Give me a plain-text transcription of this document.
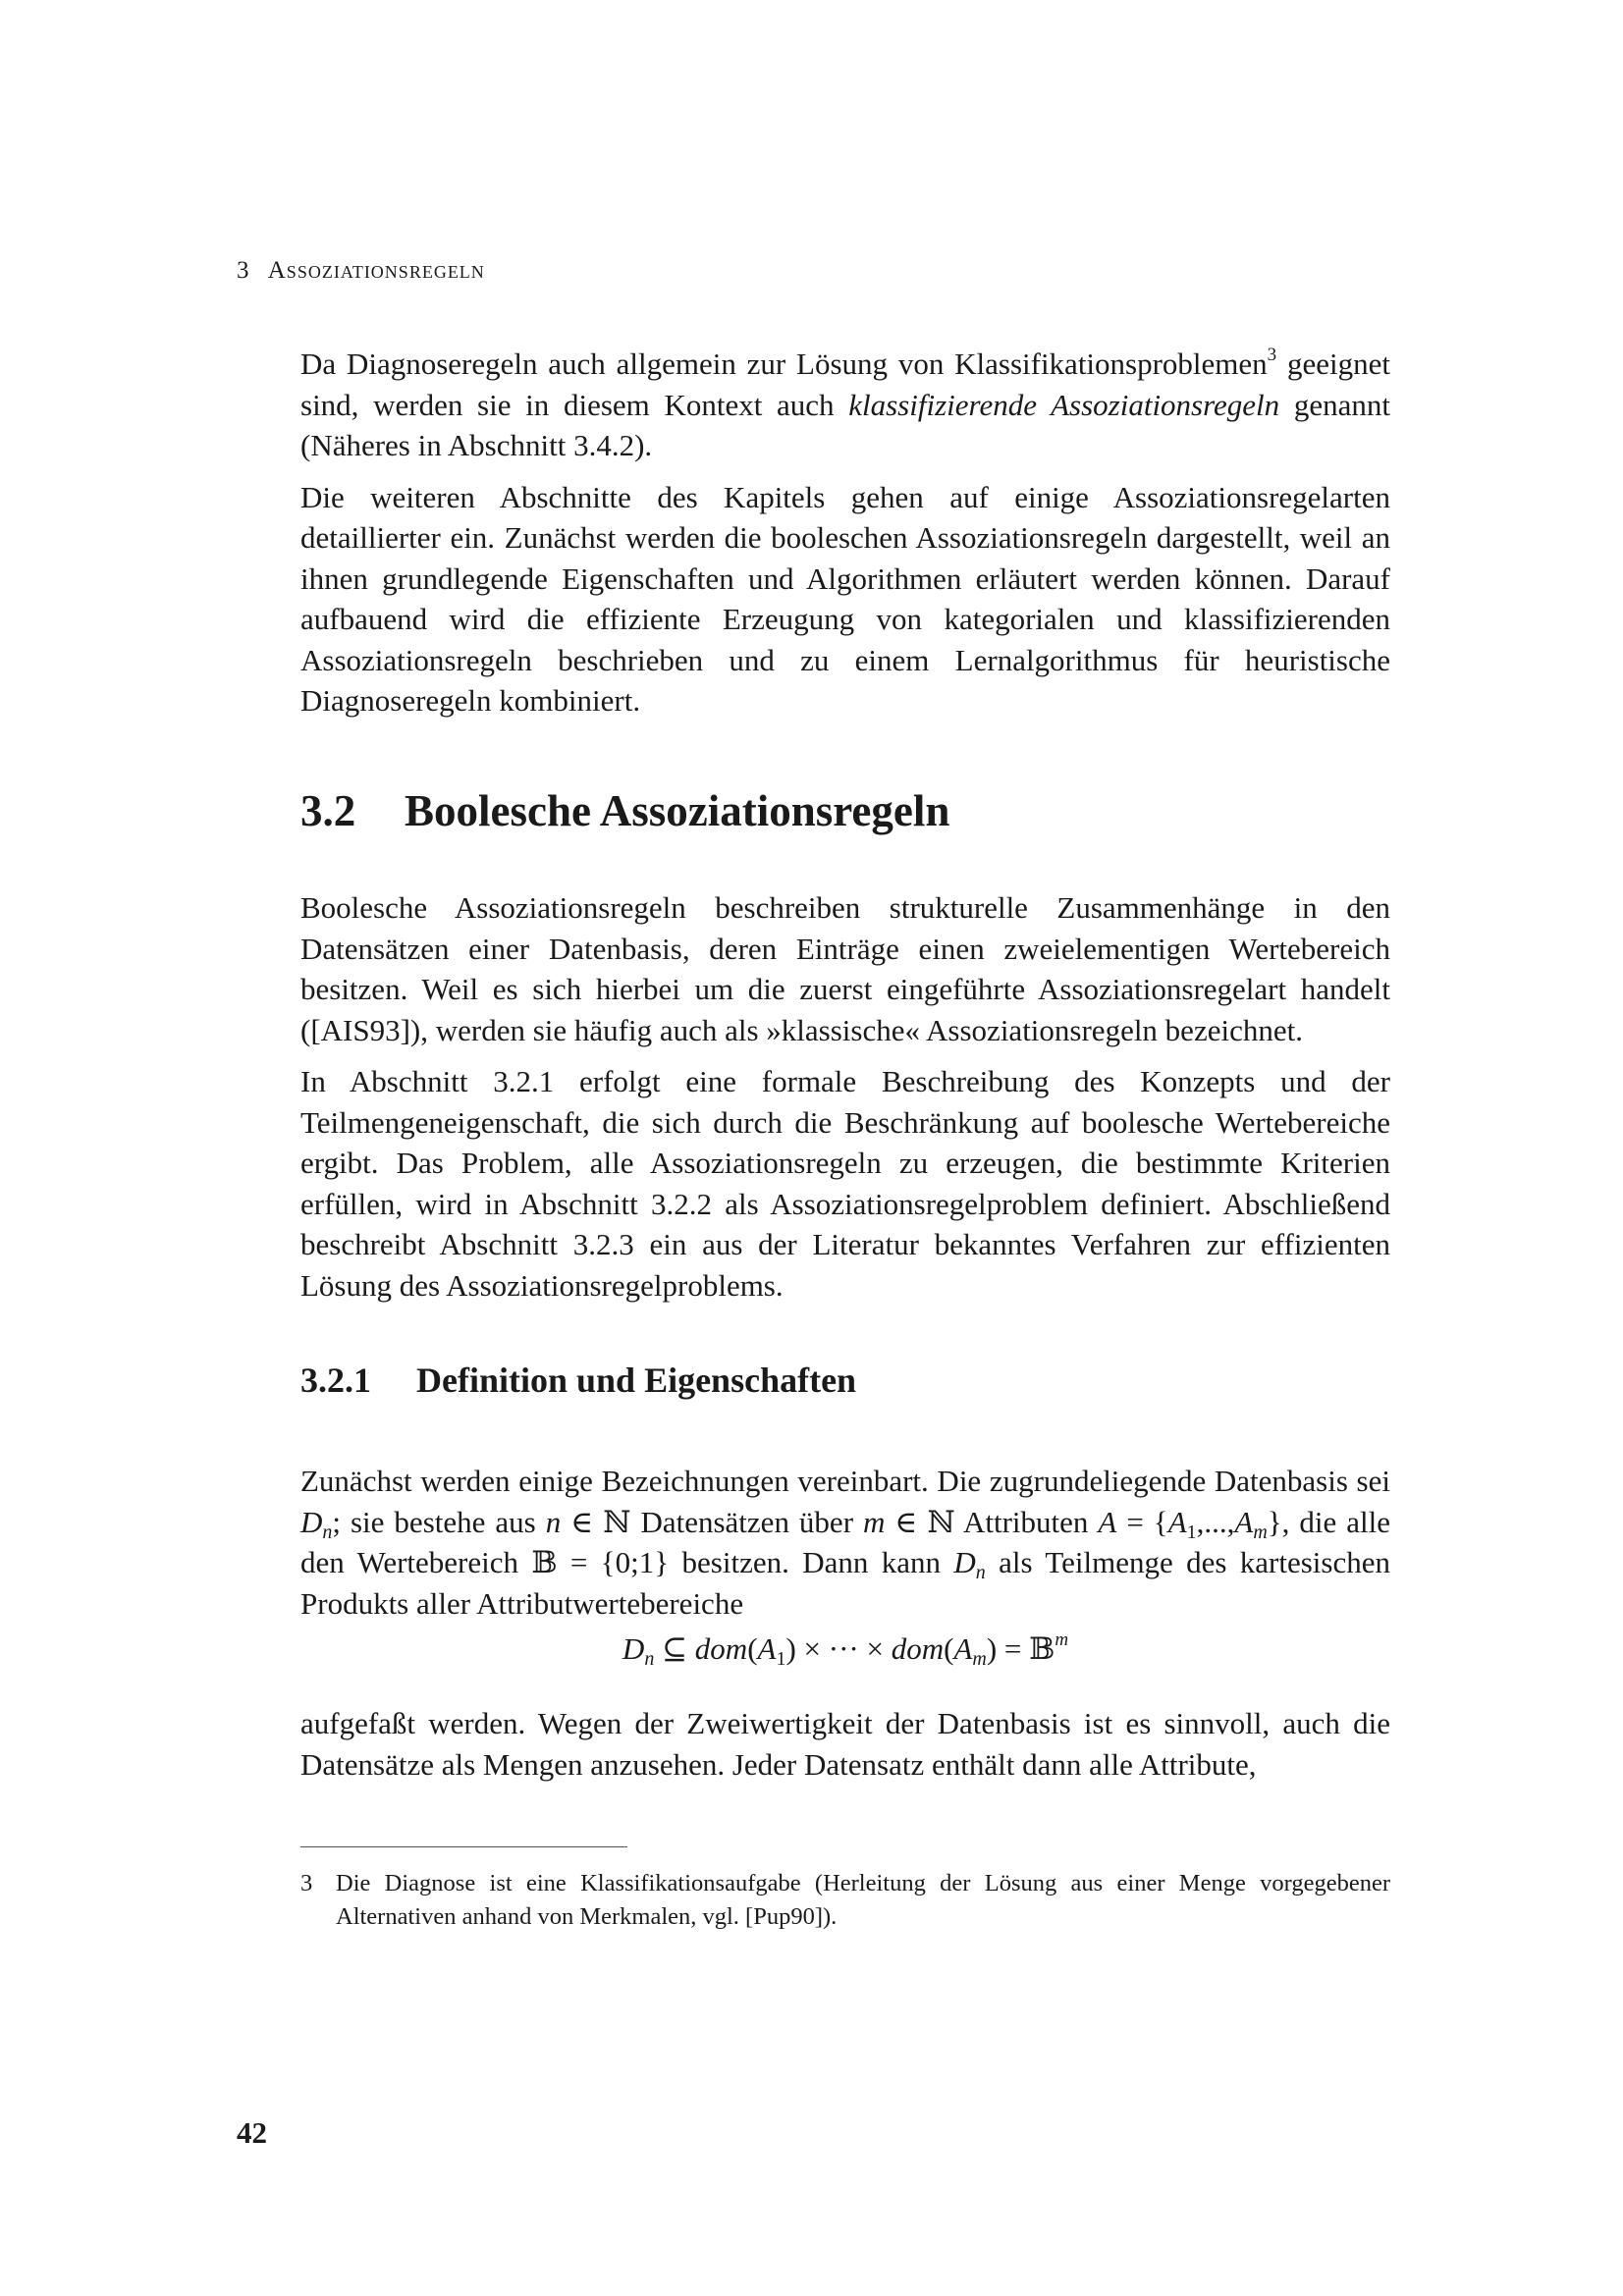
3 Assoziationsregeln

Da Diagnoseregeln auch allgemein zur Lösung von Klassifikationsproblemen$^3$ geeignet sind, werden sie in diesem Kontext auch klassifizierende Assoziationsregeln genannt (Näheres in Abschnitt 3.4.2).

Die weiteren Abschnitte des Kapitels gehen auf einige Assoziationsregelarten detaillierter ein. Zunächst werden die booleschen Assoziationsregeln dargestellt, weil an ihnen grundlegende Eigenschaften und Algorithmen erläutert werden können. Darauf aufbauend wird die effiziente Erzeugung von kategorialen und klassifizierenden Assoziationsregeln beschrieben und zu einem Lernalgorithmus für heuristische Diagnoseregeln kombiniert.

3.2 Boolesche Assoziationsregeln

Boolesche Assoziationsregeln beschreiben strukturelle Zusammenhänge in den Datensätzen einer Datenbasis, deren Einträge einen zweielementigen Wertebereich besitzen. Weil es sich hierbei um die zuerst eingeführte Assoziationsregelart handelt ([AIS93]), werden sie häufig auch als »klassische« Assoziationsregeln bezeichnet.

In Abschnitt 3.2.1 erfolgt eine formale Beschreibung des Konzepts und der Teilmengeneigenschaft, die sich durch die Beschränkung auf boolesche Wertebereiche ergibt. Das Problem, alle Assoziationsregeln zu erzeugen, die bestimmte Kriterien erfüllen, wird in Abschnitt 3.2.2 als Assoziationsregelproblem definiert. Abschließend beschreibt Abschnitt 3.2.3 ein aus der Literatur bekanntes Verfahren zur effizienten Lösung des Assoziationsregelproblems.

3.2.1 Definition und Eigenschaften

Zunächst werden einige Bezeichnungen vereinbart. Die zugrundeliegende Datenbasis sei $D_n$; sie bestehe aus n ∈ ℕ Datensätzen über m ∈ ℕ Attributen $A = \{A_1,...,A_m\}$, die alle den Wertebereich 𝔹 = {0;1} besitzen. Dann kann $D_n$ als Teilmenge des kartesischen Produkts aller Attributwertebereiche

$D_n$ ⊆ $dom(A_1)$ × ··· × $dom(A_m)$ = 𝔹$^m$

aufgefaßt werden. Wegen der Zweiwertigkeit der Datenbasis ist es sinnvoll, auch die Datensätze als Mengen anzusehen. Jeder Datensatz enthält dann alle Attribute,

3 Die Diagnose ist eine Klassifikationsaufgabe (Herleitung der Lösung aus einer Menge vorgegebener Alternativen anhand von Merkmalen, vgl. [Pup90]).
42
